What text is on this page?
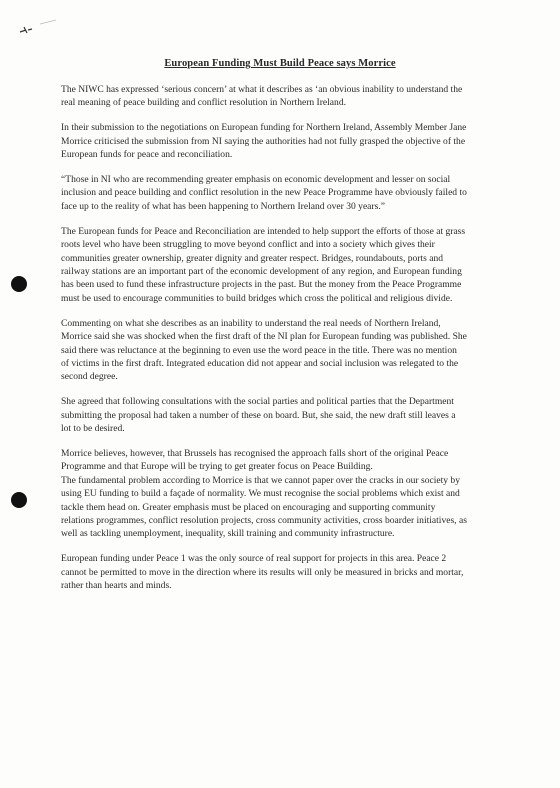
European Funding Must Build Peace says Morrice

The NIWC has expressed ‘serious concern’ at what it describes as ‘an obvious inability to understand the real meaning of peace building and conflict resolution in Northern Ireland.

In their submission to the negotiations on European funding for Northern Ireland, Assembly Member Jane Morrice criticised the submission from NI saying the authorities had not fully grasped the objective of the European funds for peace and reconciliation.

“Those in NI who are recommending greater emphasis on economic development and lesser on social inclusion and peace building and conflict resolution in the new Peace Programme have obviously failed to face up to the reality of what has been happening to Northern Ireland over 30 years.”

The European funds for Peace and Reconciliation are intended to help support the efforts of those at grass roots level who have been struggling to move beyond conflict and into a society which gives their communities greater ownership, greater dignity and greater respect. Bridges, roundabouts, ports and railway stations are an important part of the economic development of any region, and European funding has been used to fund these infrastructure projects in the past. But the money from the Peace Programme must be used to encourage communities to build bridges which cross the political and religious divide.

Commenting on what she describes as an inability to understand the real needs of Northern Ireland, Morrice said she was shocked when the first draft of the NI plan for European funding was published. She said there was reluctance at the beginning to even use the word peace in the title. There was no mention of victims in the first draft. Integrated education did not appear and social inclusion was relegated to the second degree.

She agreed that following consultations with the social parties and political parties that the Department submitting the proposal had taken a number of these on board. But, she said, the new draft still leaves a lot to be desired.

Morrice believes, however, that Brussels has recognised the approach falls short of the original Peace Programme and that Europe will be trying to get greater focus on Peace Building.

The fundamental problem according to Morrice is that we cannot paper over the cracks in our society by using EU funding to build a façade of normality. We must recognise the social problems which exist and tackle them head on. Greater emphasis must be placed on encouraging and supporting community relations programmes, conflict resolution projects, cross community activities, cross boarder initiatives, as well as tackling unemployment, inequality, skill training and community infrastructure.

European funding under Peace 1 was the only source of real support for projects in this area. Peace 2 cannot be permitted to move in the direction where its results will only be measured in bricks and mortar, rather than hearts and minds.
